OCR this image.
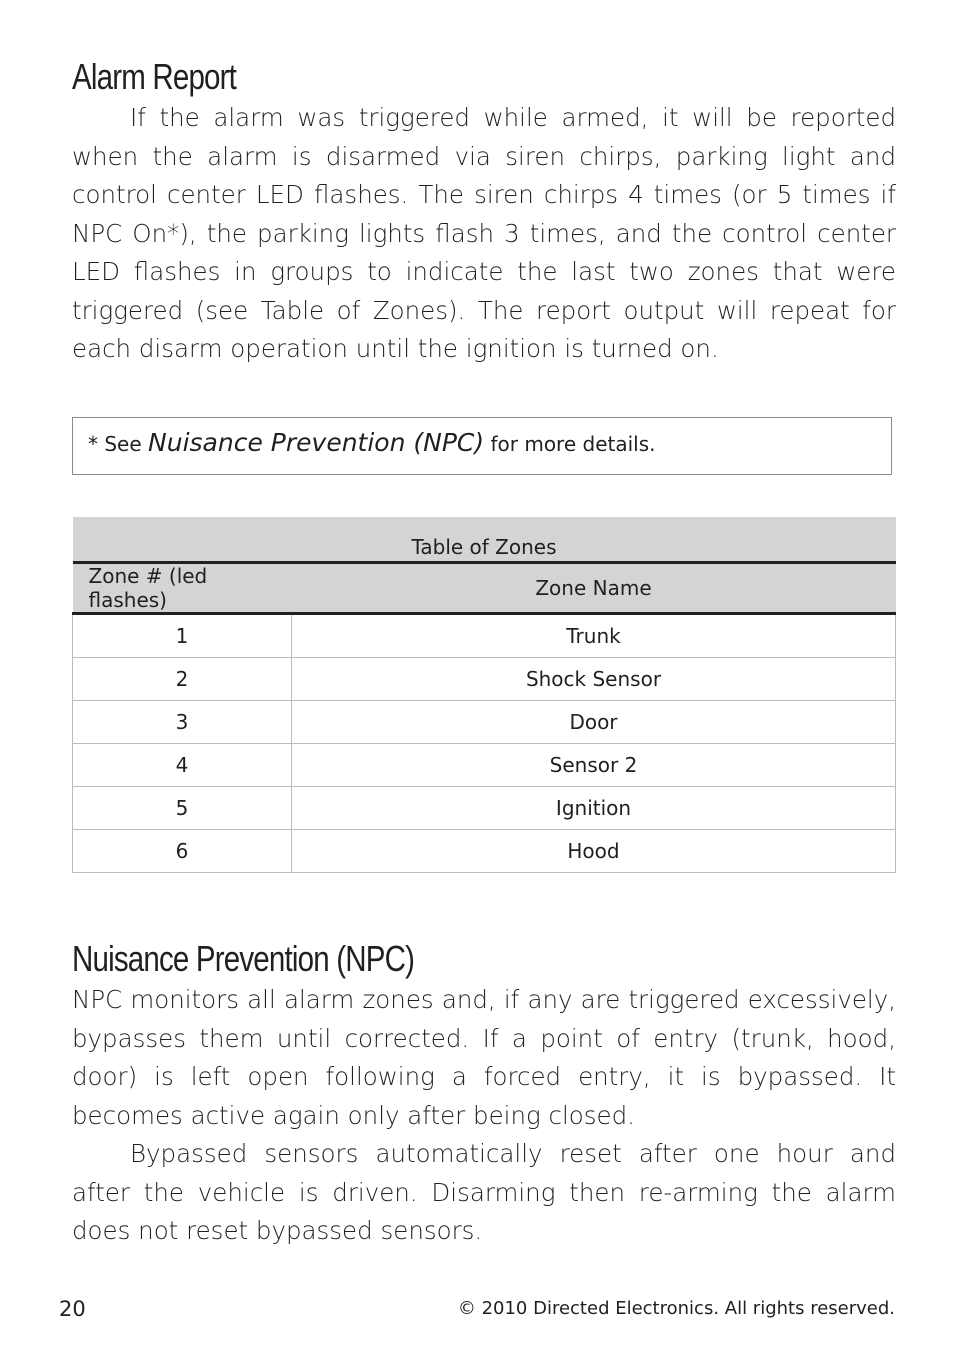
Alarm Report

If the alarm was triggered while armed, it will be reported when the alarm is disarmed via siren chirps, parking light and control center LED flashes. The siren chirps 4 times (or 5 times if NPC On*), the parking lights flash 3 times, and the control center LED flashes in groups to indicate the last two zones that were triggered (see Table of Zones). The report output will repeat for each disarm operation until the ignition is turned on.

* See Nuisance Prevention (NPC) for more details.
Table of Zones	
Zone # (led flashes)	Zone Name
1	Trunk
2	Shock Sensor
3	Door
4	Sensor 2
5	Ignition
6	Hood
Nuisance Prevention (NPC)

NPC monitors all alarm zones and, if any are triggered excessively, bypasses them until corrected. If a point of entry (trunk, hood, door) is left open following a forced entry, it is bypassed. It becomes active again only after being closed.

Bypassed sensors automatically reset after one hour and after the vehicle is driven. Disarming then re-arming the alarm does not reset bypassed sensors.

20	© 2010 Directed Electronics. All rights reserved.
